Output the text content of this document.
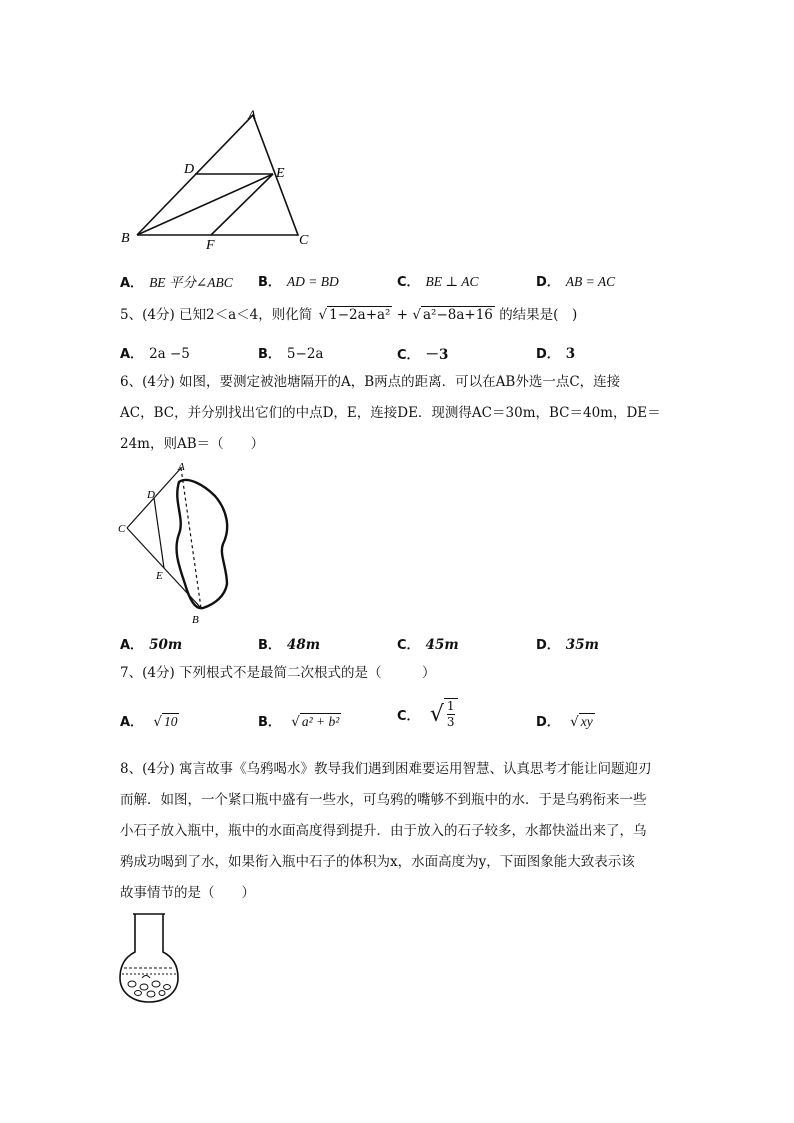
A
D	E
B	F	C
A． BE 平分∠ABC B． AD = BD	C． BE ⊥ AC	D． AB = AC
5、(4分) 已知2＜a＜4，则化简 √ 1−2a+a² + √ a²−8a+16 的结果是(　)
A． 2a −5	B． 5−2a	C． －3	D． 3
6、(4分) 如图，要测定被池塘隔开的A，B两点的距离．可以在AB外选一点C，连接
AC，BC，并分别找出它们的中点D，E，连接DE．现测得AC＝30m，BC＝40m，DE＝
24m，则AB＝（　　）
A
D
C
E
B
A． 50m	B． 48m	C． 45m	D． 35m
7、(4分) 下列根式不是最简二次根式的是（　　　）
A． √ 10	B． √ a² + b²	C． √ $\frac{1}{3}$	D． √ xy
8、(4分) 寓言故事《乌鸦喝水》教导我们遇到困难要运用智慧、认真思考才能让问题迎刃
而解．如图，一个紧口瓶中盛有一些水，可乌鸦的嘴够不到瓶中的水．于是乌鸦衔来一些
小石子放入瓶中，瓶中的水面高度得到提升．由于放入的石子较多，水都快溢出来了，乌
鸦成功喝到了水，如果衔入瓶中石子的体积为x，水面高度为y，下面图象能大致表示该
故事情节的是（　　）
